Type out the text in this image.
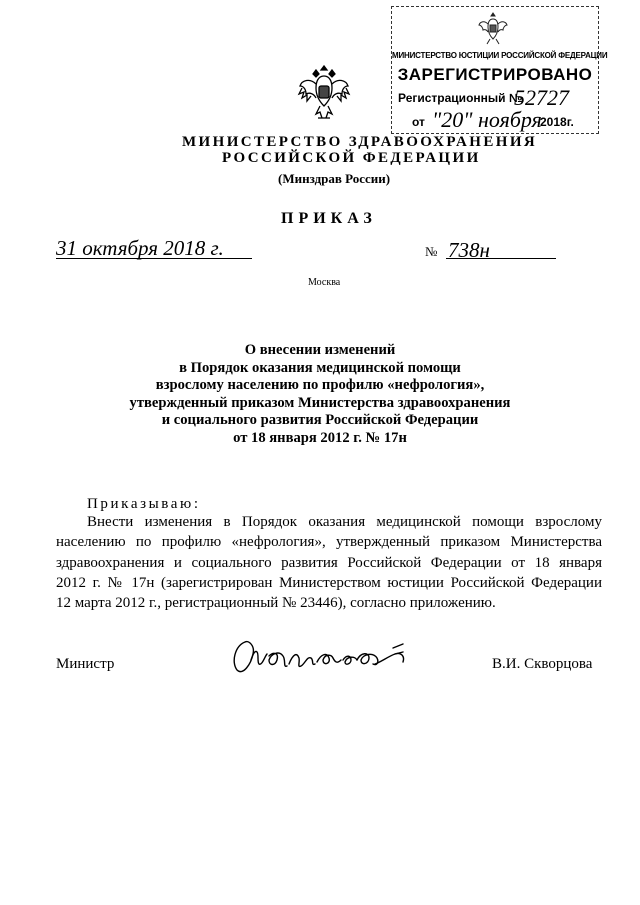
МИНИСТЕРСТВО ЮСТИЦИИ РОССИЙСКОЙ ФЕДЕРАЦИИ
ЗАРЕГИСТРИРОВАНО
Регистрационный №
52727
от "20" ноября
2018г.
МИНИСТЕРСТВО ЗДРАВООХРАНЕНИЯ
РОССИЙСКОЙ ФЕДЕРАЦИИ
(Минздрав России)
ПРИКАЗ
31 октября 2018 г.	№ 738н
Москва
О внесении изменений
в Порядок оказания медицинской помощи
взрослому населению по профилю «нефрология»,
утвержденный приказом Министерства здравоохранения
и социального развития Российской Федерации
от 18 января 2012 г. № 17н
Приказываю:
Внести изменения в Порядок оказания медицинской помощи взрослому
населению по профилю «нефрология», утвержденный приказом Министерства
здравоохранения и социального развития Российской Федерации от 18 января
2012 г. № 17н (зарегистрирован Министерством юстиции Российской Федерации
12 марта 2012 г., регистрационный № 23446), согласно приложению.
Министр	В.И. Скворцова
